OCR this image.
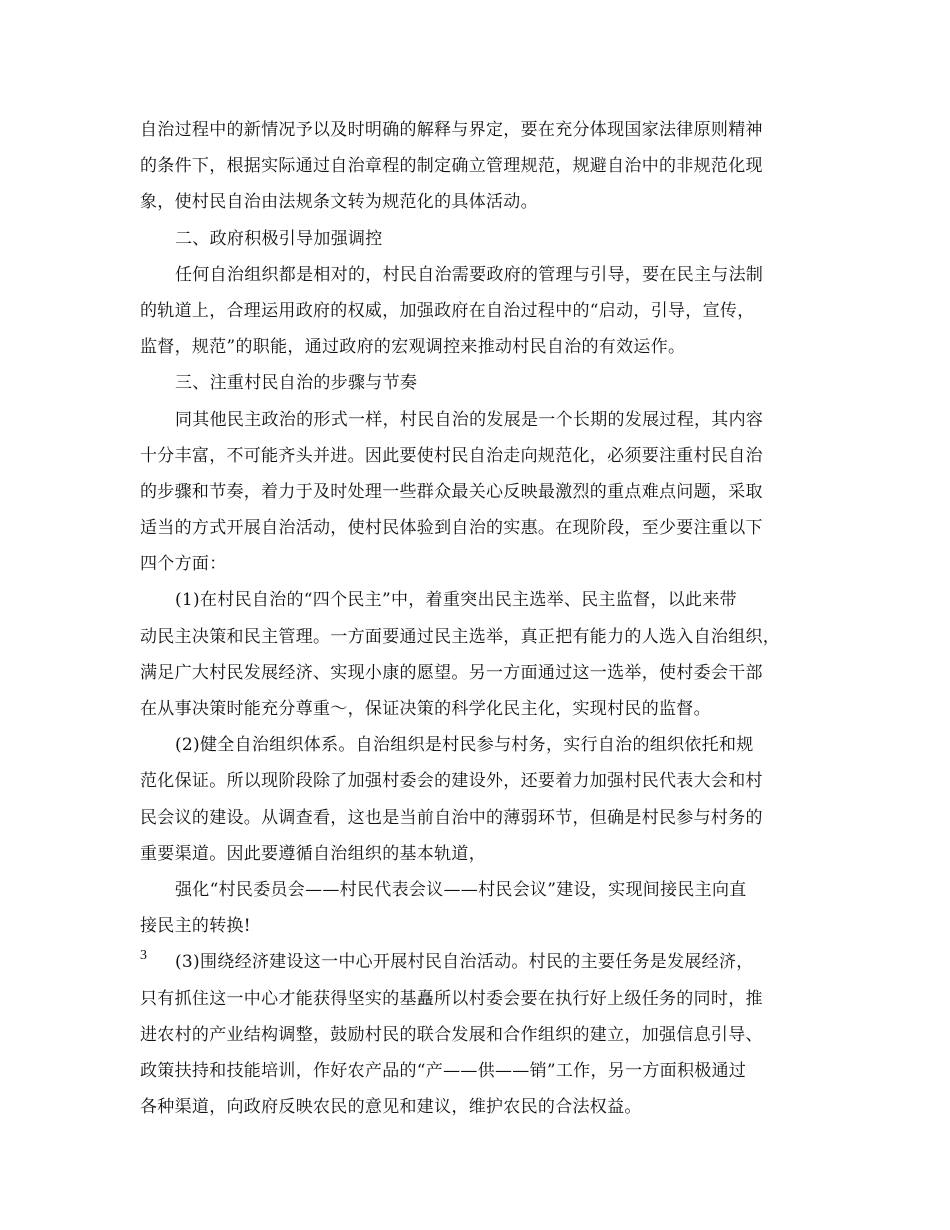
自治过程中的新情况予以及时明确的解释与界定，要在充分体现国家法律原则精神
的条件下，根据实际通过自治章程的制定确立管理规范，规避自治中的非规范化现
象，使村民自治由法规条文转为规范化的具体活动。
二、政府积极引导加强调控
任何自治组织都是相对的，村民自治需要政府的管理与引导，要在民主与法制
的轨道上，合理运用政府的权威，加强政府在自治过程中的“启动，引导，宣传，
监督，规范”的职能，通过政府的宏观调控来推动村民自治的有效运作。
三、注重村民自治的步骤与节奏
同其他民主政治的形式一样，村民自治的发展是一个长期的发展过程，其内容
十分丰富，不可能齐头并进。因此要使村民自治走向规范化，必须要注重村民自治
的步骤和节奏，着力于及时处理一些群众最关心反映最激烈的重点难点问题，采取
适当的方式开展自治活动，使村民体验到自治的实惠。在现阶段，至少要注重以下
四个方面：
(1)在村民自治的“四个民主”中，着重突出民主选举、民主监督，以此来带
动民主决策和民主管理。一方面要通过民主选举，真正把有能力的人选入自治组织，
满足广大村民发展经济、实现小康的愿望。另一方面通过这一选举，使村委会干部
在从事决策时能充分尊重～，保证决策的科学化民主化，实现村民的监督。
(2)健全自治组织体系。自治组织是村民参与村务，实行自治的组织依托和规
范化保证。所以现阶段除了加强村委会的建设外，还要着力加强村民代表大会和村
民会议的建设。从调查看，这也是当前自治中的薄弱环节，但确是村民参与村务的
重要渠道。因此要遵循自治组织的基本轨道，
强化“村民委员会——村民代表会议——村民会议”建设，实现间接民主向直
接民主的转换!
(3)围绕经济建设这一中心开展村民自治活动。村民的主要任务是发展经济，
只有抓住这一中心才能获得坚实的基矗所以村委会要在执行好上级任务的同时，推
进农村的产业结构调整，鼓励村民的联合发展和合作组织的建立，加强信息引导、
政策扶持和技能培训，作好农产品的“产——供——销”工作，另一方面积极通过
各种渠道，向政府反映农民的意见和建议，维护农民的合法权益。
3
